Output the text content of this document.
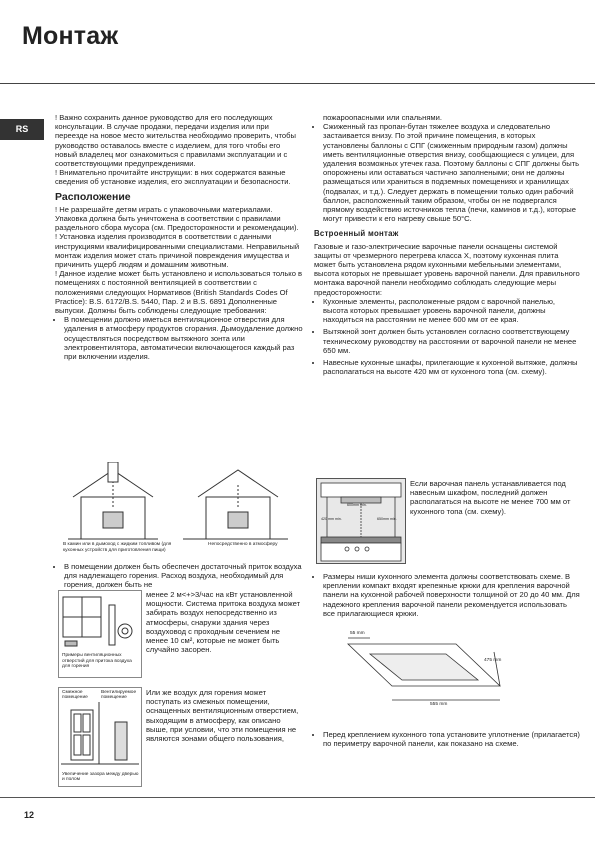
Монтаж
RS

! Важно сохранить данное руководство для его последующих консультации. В случае продажи, передачи изделия или при переезде на новое место жительства необходимо проверить, чтобы руководство оставалось вместе с изделием, для того чтобы его новый владелец мог ознакомиться с правилами эксплуатации и с соответствующими предупреждениями.

! Внимательно прочитайте инструкции: в них содержатся важные сведения об установке изделия, его эксплуатации и безопасности.

Расположение

! Не разрешайте детям играть с упаковочными материалами. Упаковка должна быть уничтожена в соответствии с правилами раздельного сбора мусора (см. Предосторожности и рекомендации).

! Установка изделия производится в соответствии с данными инструкциями квалифицированными специалистами. Неправильный монтаж изделия может стать причиной повреждения имущества и причинить ущерб людям и домашним животным.

! Данное изделие может быть установлено и использоваться только в помещениях с постоянной вентиляцией в соответствии с положениями следующих Нормативов (British Standards Codes Of Practice): B.S. 6172/B.S. 5440, Пар. 2 и B.S. 6891 Дополненные выпуски. Должны быть соблюдены следующие требования:

• В помещении должно иметься вентиляционное отверстия для удаления в атмосферу продуктов сгорания. Дымоудаление должно осуществляться посредством вытяжного зонта или электровентилятора, автоматически включающегося каждый раз при включении изделия.
В камин или в дымоход с жидким топливом (для кухонных устройств для приготовления пищи)
Непосредственно в атмосферу
• В помещении должен быть обеспечен достаточный приток воздуха для надлежащего горения. Расход воздуха, необходимый для горения, должен быть не
Примеры вентиляционных отверстий для притока воздуха для горения

менее 2 м<+>3/час на кВт установленной мощности. Система притока воздуха может забирать воздух непосредственно из атмосферы, снаружи здания через воздуховод с проходным сечением не менее 10 см², которые не может быть случайно засорен.

Смежное помещение
Вентилируемое помещение
Увеличение зазора между дверью и полом

Или же воздух для горения может поступать из смежных помещении, оснащенных вентиляционным отверстием, выходящим в атмосферу, как описано выше, при условии, что эти помещения не являются зонами общего пользования,

пожароопасными или спальнями.

• Сжиженный газ пропан-бутан тяжелее воздуха и следовательно застаивается внизу. По этой причине помещения, в которых установлены баллоны с СПГ (сжиженным природным газом) должны иметь вентиляционные отверстия внизу, сообщающиеся с улицеи, для удаления возможных утечек газа. Поэтому баллоны с СПГ должны быть опорожнены или оставаться частично заполнеными; они не должны размещаться или храниться в подземных помещениях и хранилищах (подвалах, и т.д.). Следует держать в помещении только один рабочий баллон, расположенный таким образом, чтобы он не подвергался прямому воздействию источников тепла (печи, каминов и т.д.), которые могут привести к его нагреву свыше 50°С.
Встроенный монтаж

Газовые и газо-электрические варочные панели оснащены системой защиты от чрезмерного перегрева класса X, поэтому кухонная плита может быть установлена рядом кухонными мебельными элементами, высота которых не превышает уровень варочной панели. Для правильного монтажа варочной панели необходимо соблюдать следующие меры предосторожности:

• Кухонные элементы, расположенные рядом с варочной панелью, высота которых превышает уровень варочной панели, должны находиться на расстоянии не менее 600 мм от ее края.
• Вытяжной зонт должен быть установлен согласно соответствующему техническому руководству на расстоянии от варочной панели не менее 650 мм.
• Навесные кухонные шкафы, прилегающие к кухонной вытяжке, должны располагаться на высоте 420 мм от кухонного топа (см. схему).
600mm min.
420 mm min.	650mm min.

Если варочная панель устанавливается под навесным шкафом, последний должен располагаться на высоте не менее 700 мм от кухонного топа (см. схему).

• Размеры ниши кухонного элемента должны соответствовать схеме. В креплении компакт входят крепежные крюки для крепления варочной панели на кухонной рабочей поверхности толщиной от 20 до 40 мм. Для надежного крепления варочной панели рекомендуется использовать все прилагающиеся крюки.
55 mm
475 mm
555 mm
• Перед креплением кухонного топа установите уплотнение (прилагается) по периметру варочной панели, как показано на схеме.
12
